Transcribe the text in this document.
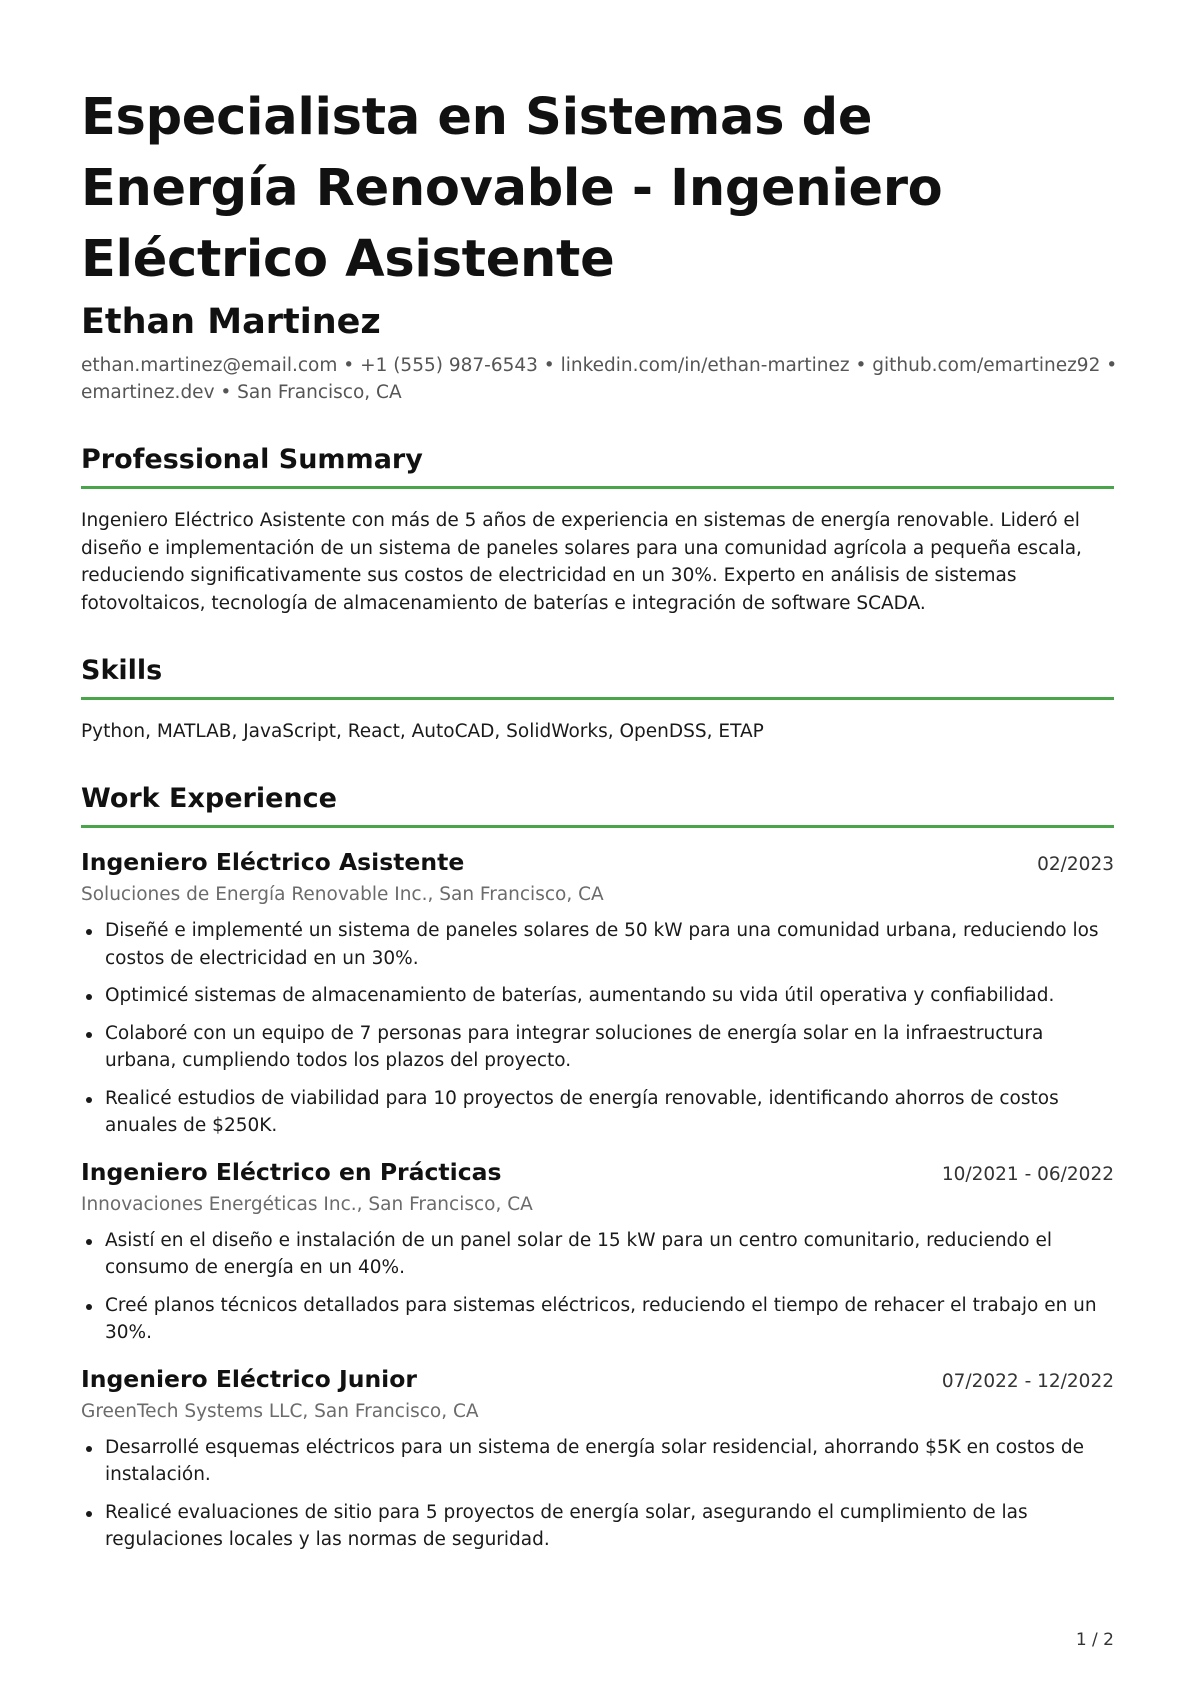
Especialista en Sistemas de Energía Renovable - Ingeniero Eléctrico Asistente
Ethan Martinez
ethan.martinez@email.com • +1 (555) 987-6543 • linkedin.com/in/ethan-martinez • github.com/emartinez92 • emartinez.dev • San Francisco, CA
Professional Summary

Ingeniero Eléctrico Asistente con más de 5 años de experiencia en sistemas de energía renovable. Lideró el diseño e implementación de un sistema de paneles solares para una comunidad agrícola a pequeña escala, reduciendo significativamente sus costos de electricidad en un 30%. Experto en análisis de sistemas fotovoltaicos, tecnología de almacenamiento de baterías e integración de software SCADA.

Skills

Python, MATLAB, JavaScript, React, AutoCAD, SolidWorks, OpenDSS, ETAP

Work Experience
Ingeniero Eléctrico Asistente	02/2023
Soluciones de Energía Renovable Inc., San Francisco, CA
Diseñé e implementé un sistema de paneles solares de 50 kW para una comunidad urbana, reduciendo los costos de electricidad en un 30%.
Optimicé sistemas de almacenamiento de baterías, aumentando su vida útil operativa y confiabilidad.
Colaboré con un equipo de 7 personas para integrar soluciones de energía solar en la infraestructura urbana, cumpliendo todos los plazos del proyecto.
Realicé estudios de viabilidad para 10 proyectos de energía renovable, identificando ahorros de costos anuales de $250K.
Ingeniero Eléctrico en Prácticas	10/2021 - 06/2022
Innovaciones Energéticas Inc., San Francisco, CA
Asistí en el diseño e instalación de un panel solar de 15 kW para un centro comunitario, reduciendo el consumo de energía en un 40%.
Creé planos técnicos detallados para sistemas eléctricos, reduciendo el tiempo de rehacer el trabajo en un 30%.
Ingeniero Eléctrico Junior	07/2022 - 12/2022
GreenTech Systems LLC, San Francisco, CA
Desarrollé esquemas eléctricos para un sistema de energía solar residencial, ahorrando $5K en costos de instalación.
Realicé evaluaciones de sitio para 5 proyectos de energía solar, asegurando el cumplimiento de las regulaciones locales y las normas de seguridad.
1 / 2
